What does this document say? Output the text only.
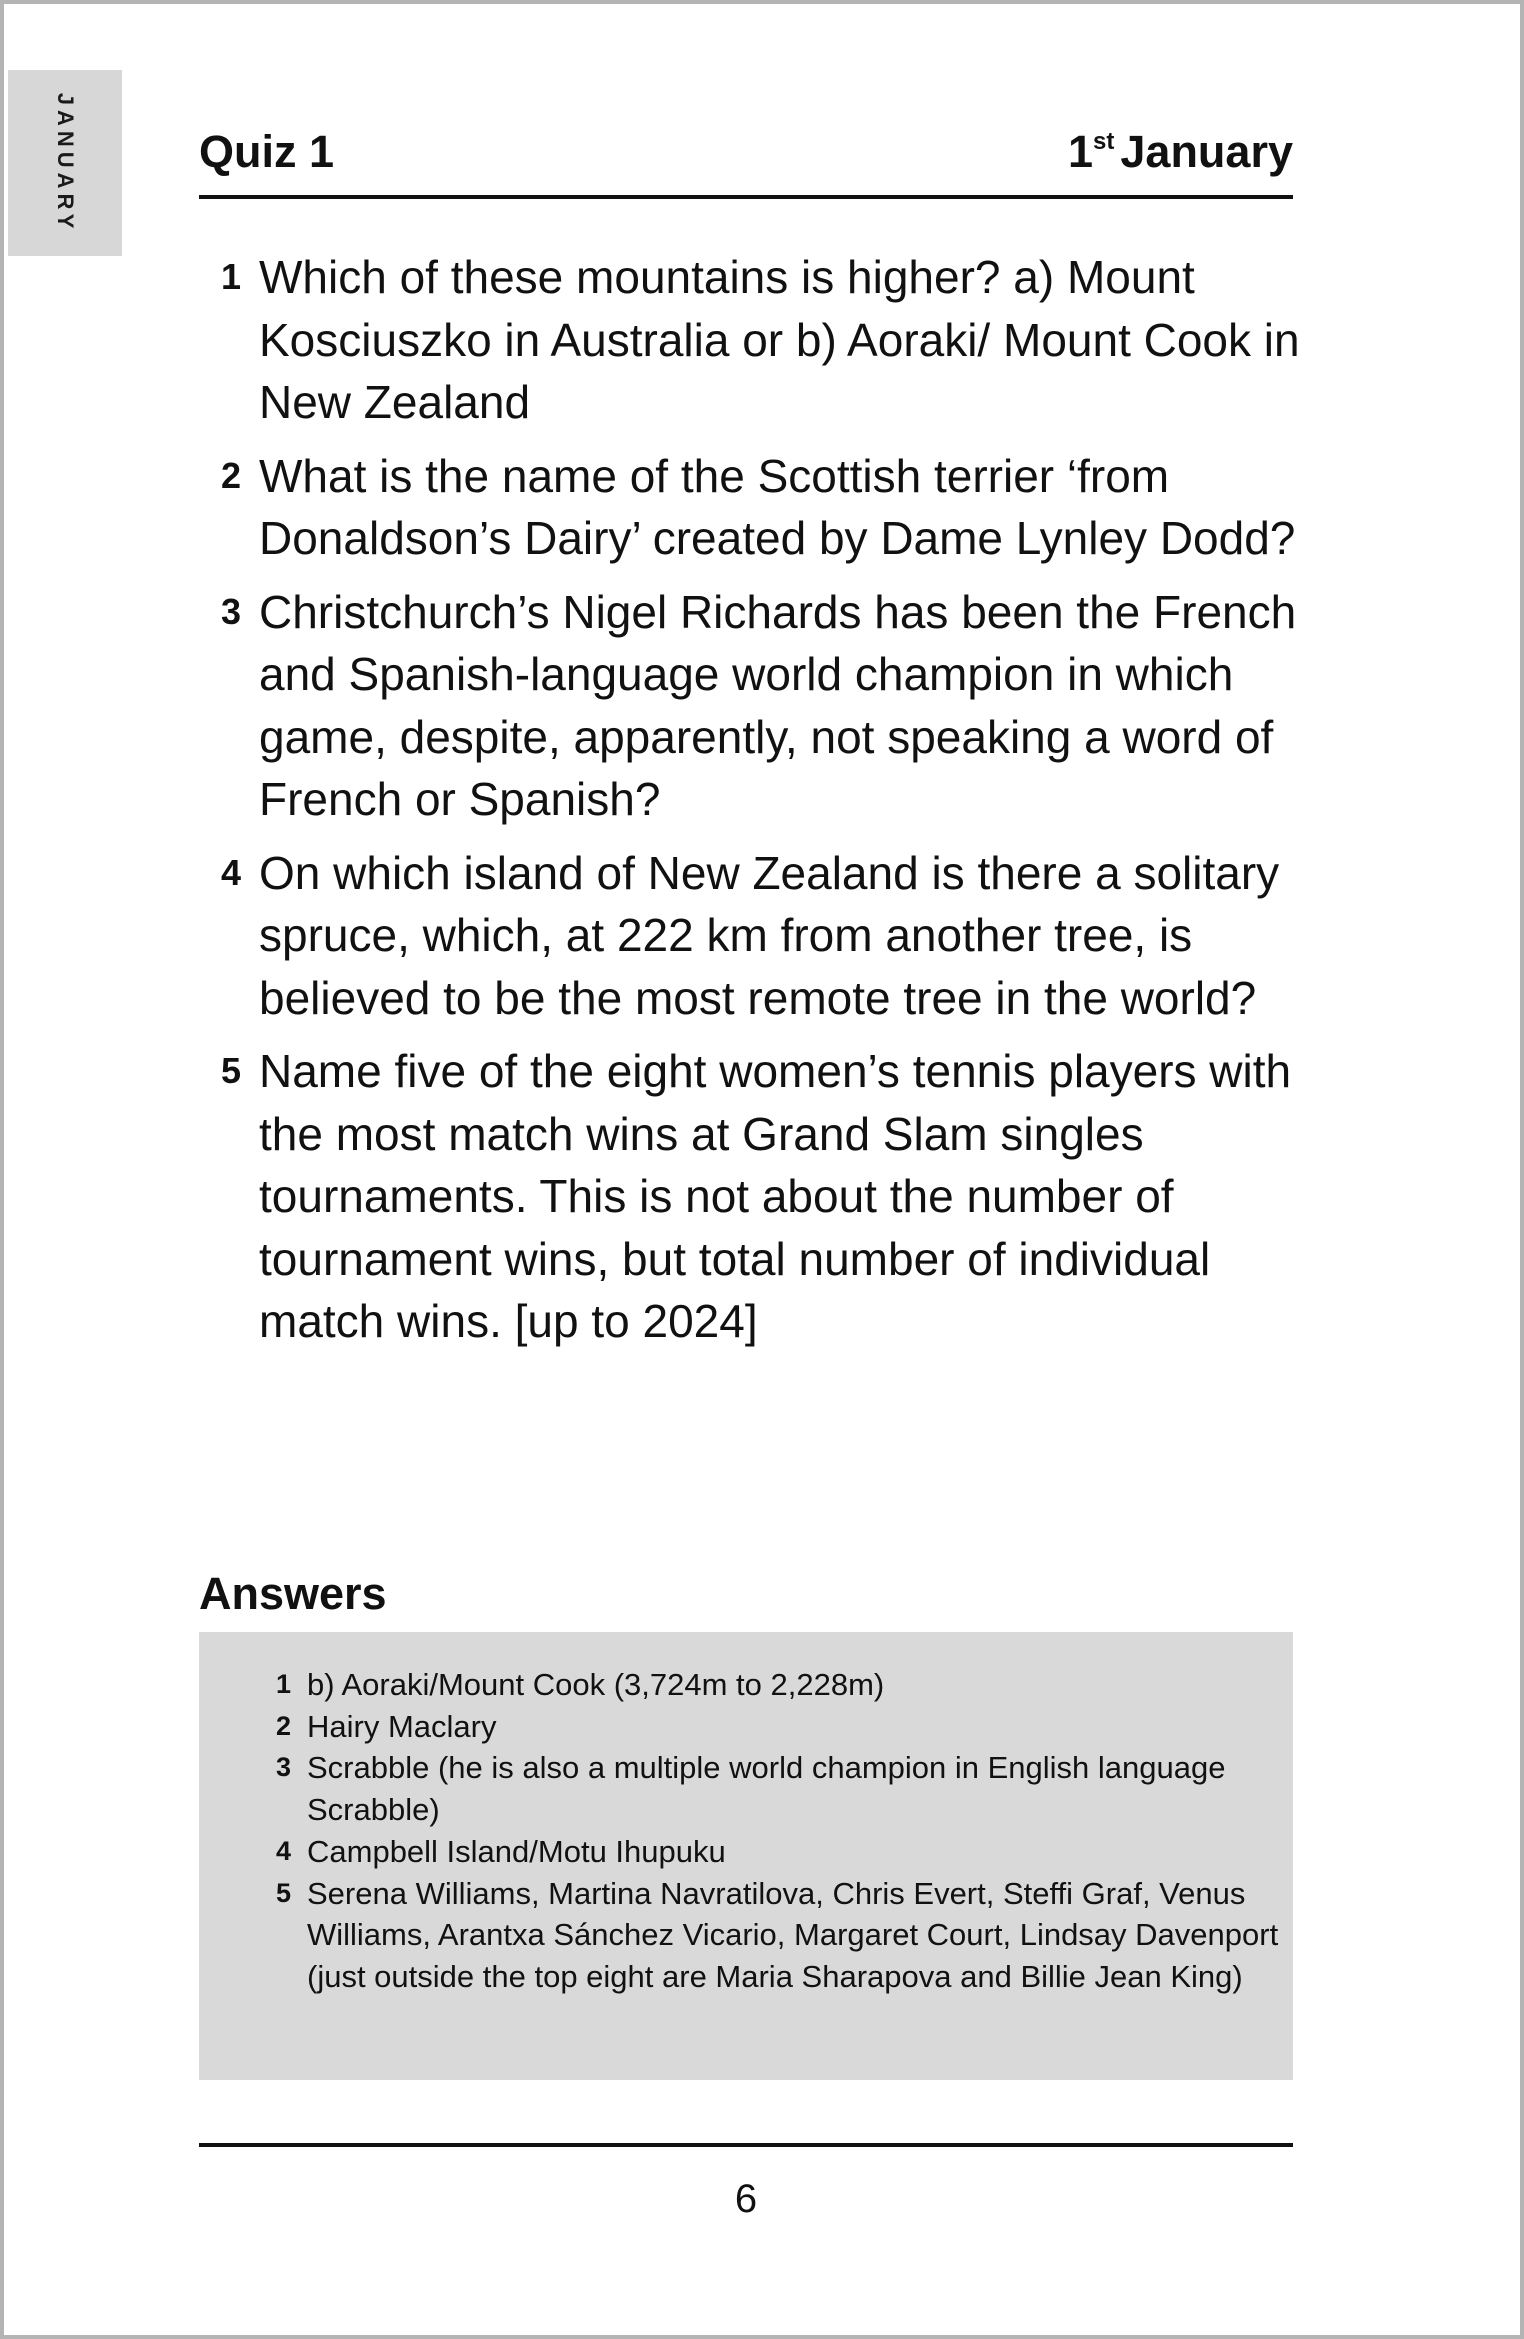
JANUARY	Quiz 1	1st January
1 Which of these mountains is higher? a) Mount Kosciuszko in Australia or b) Aoraki/ Mount Cook in New Zealand
2 What is the name of the Scottish terrier ‘from Donaldson’s Dairy’ created by Dame Lynley Dodd?
3 Christchurch’s Nigel Richards has been the French and Spanish-language world champion in which game, despite, apparently, not speaking a word of French or Spanish?
4 On which island of New Zealand is there a solitary spruce, which, at 222 km from another tree, is believed to be the most remote tree in the world?
5 Name five of the eight women’s tennis players with the most match wins at Grand Slam singles tournaments. This is not about the number of tournament wins, but total number of individual match wins. [up to 2024]
Answers
1 b) Aoraki/Mount Cook (3,724m to 2,228m)
2 Hairy Maclary
3 Scrabble (he is also a multiple world champion in English language Scrabble)
4 Campbell Island/Motu Ihupuku
5 Serena Williams, Martina Navratilova, Chris Evert, Steffi Graf, Venus Williams, Arantxa Sánchez Vicario, Margaret Court, Lindsay Davenport (just outside the top eight are Maria Sharapova and Billie Jean King)
6
